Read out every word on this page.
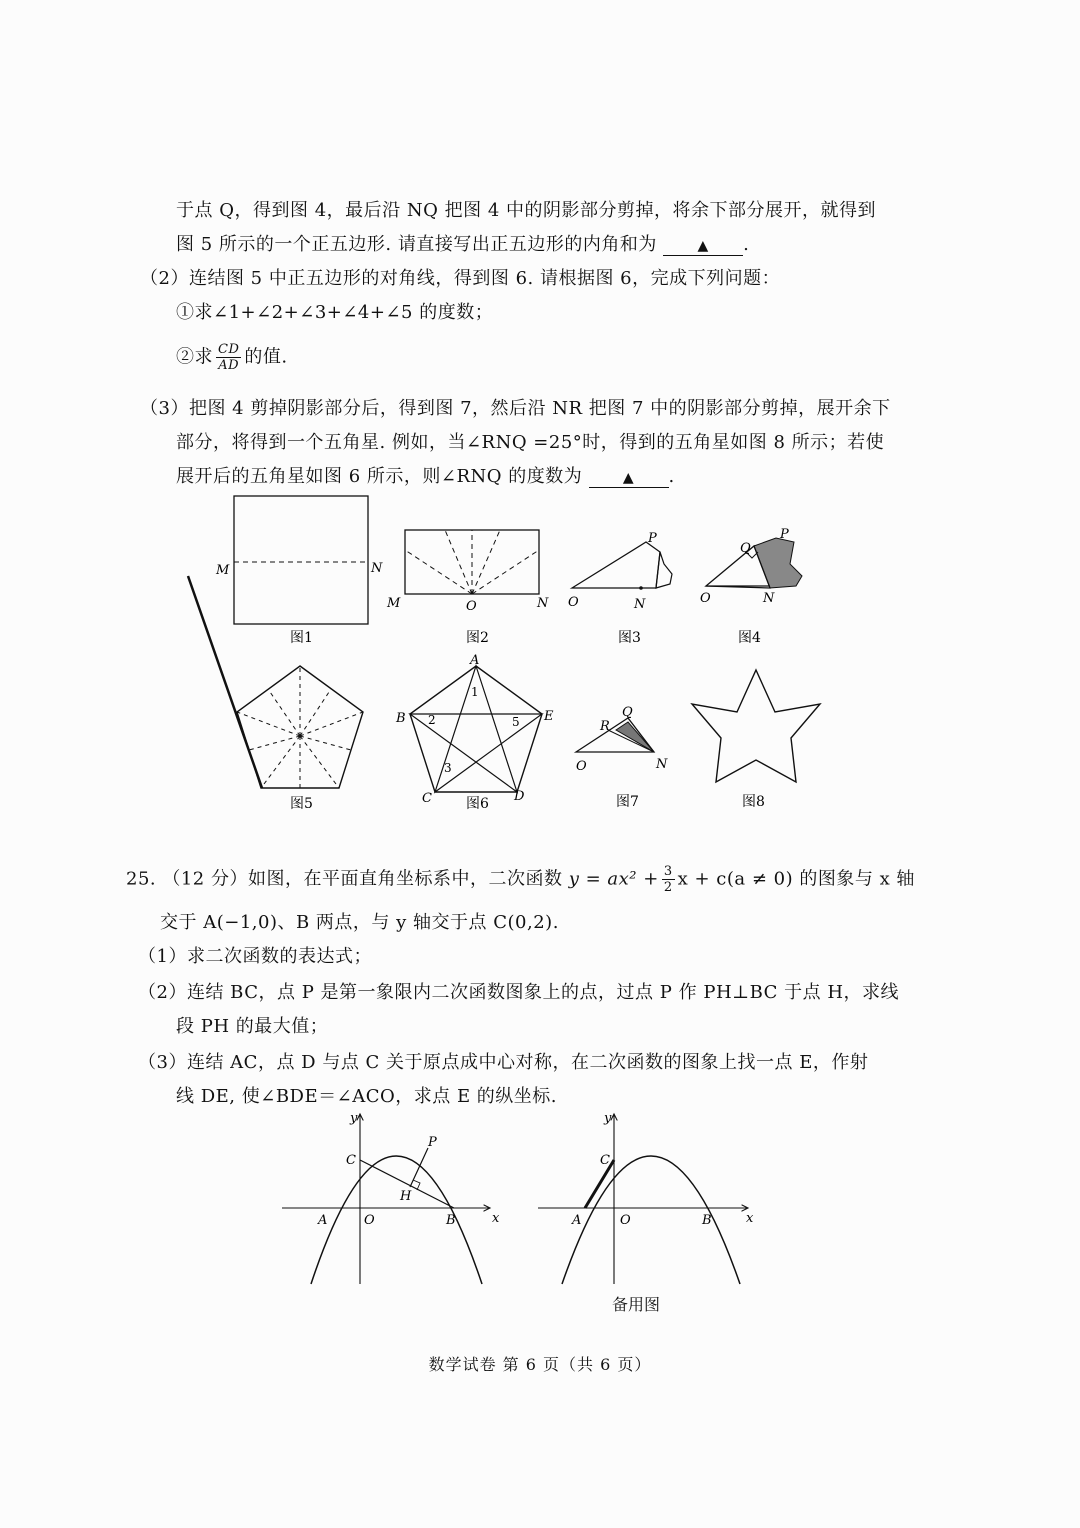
于点 Q，得到图 4，最后沿 NQ 把图 4 中的阴影部分剪掉，将余下部分展开，就得到
图 5 所示的一个正五边形. 请直接写出正五边形的内角和为	▲ .
（2）连结图 5 中正五边形的对角线，得到图 6. 请根据图 6，完成下列问题：
①求∠1+∠2+∠3+∠4+∠5 的度数；
②求 $\frac{CD}{AD}$ 的值.
（3）把图 4 剪掉阴影部分后，得到图 7，然后沿 NR 把图 7 中的阴影部分剪掉，展开余下
部分，将得到一个五角星. 例如，当∠RNQ =25°时，得到的五角星如图 8 所示；若使
展开后的五角星如图 6 所示，则∠RNQ 的度数为	▲ .
M	N
图1
M	O	N
图2
P
O	N
图3
Q
P
O	N
图4
图5
A
B	E
C	D
1
2
3
5
图6
R
Q
O	N
图7	图8
25. （12 分）如图，在平面直角坐标系中，二次函数 $y = ax^2 + \frac{3}{2}$ x + c(a ≠ 0) 的图象与 x 轴
交于 A(−1,0)、B 两点，与 y 轴交于点 C(0,2).
（1）求二次函数的表达式；
（2）连结 BC，点 P 是第一象限内二次函数图象上的点，过点 P 作 PH⊥BC 于点 H，求线
段 PH 的最大值；
（3）连结 AC，点 D 与点 C 关于原点成中心对称，在二次函数的图象上找一点 E，作射
线 DE, 使∠BDE＝∠ACO，求点 E 的纵坐标.
y
x
A	O	B
C
P
H
y
x
A	O	B
C
备用图
数学试卷 第 6 页（共 6 页）
